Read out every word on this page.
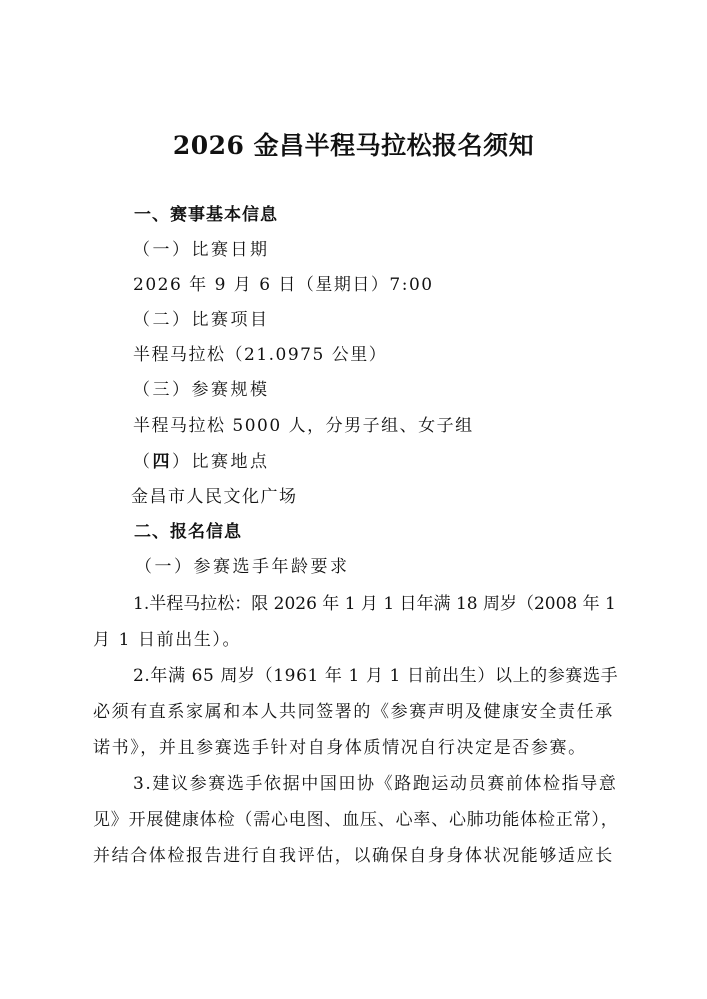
2026 金昌半程马拉松报名须知

一、赛事基本信息

（一）比赛日期

2026 年 9 月 6 日（星期日）7:00

（二）比赛项目

半程马拉松（21.0975 公里）

（三）参赛规模

半程马拉松 5000 人，分男子组、女子组

（四）比赛地点

金昌市人民文化广场

二、报名信息

（一）参赛选手年龄要求

1.半程马拉松：限 2026 年 1 月 1 日年满 18 周岁（2008 年 1

月 1 日前出生）。

2.年满 65 周岁（1961 年 1 月 1 日前出生）以上的参赛选手

必须有直系家属和本人共同签署的《参赛声明及健康安全责任承

诺书》，并且参赛选手针对自身体质情况自行决定是否参赛。

3.建议参赛选手依据中国田协《路跑运动员赛前体检指导意

见》开展健康体检（需心电图、血压、心率、心肺功能体检正常），

并结合体检报告进行自我评估，以确保自身身体状况能够适应长
